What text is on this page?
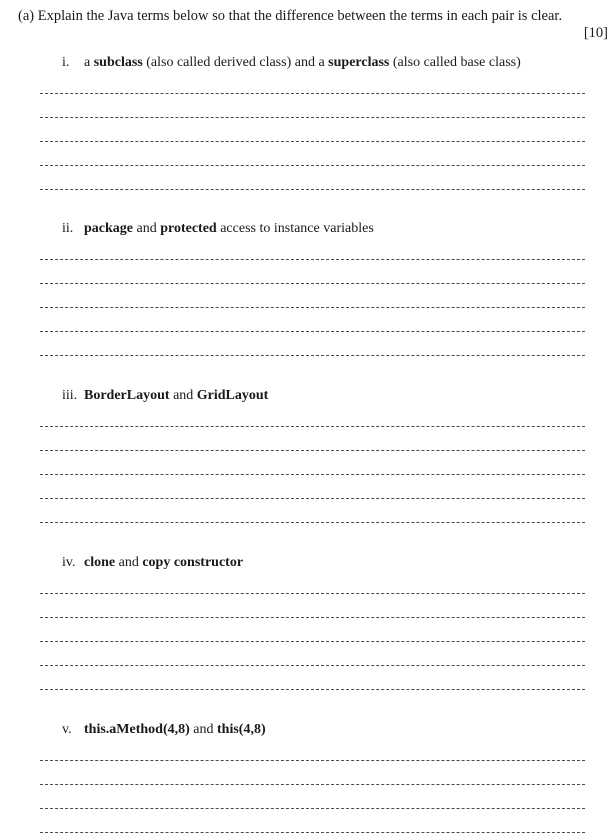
(a) Explain the Java terms below so that the difference between the terms in each pair is clear.
[10]
i. a subclass (also called derived class) and a superclass (also called base class)
ii. package and protected access to instance variables
iii. BorderLayout and GridLayout
iv. clone and copy constructor
v. this.aMethod(4,8) and this(4,8)
